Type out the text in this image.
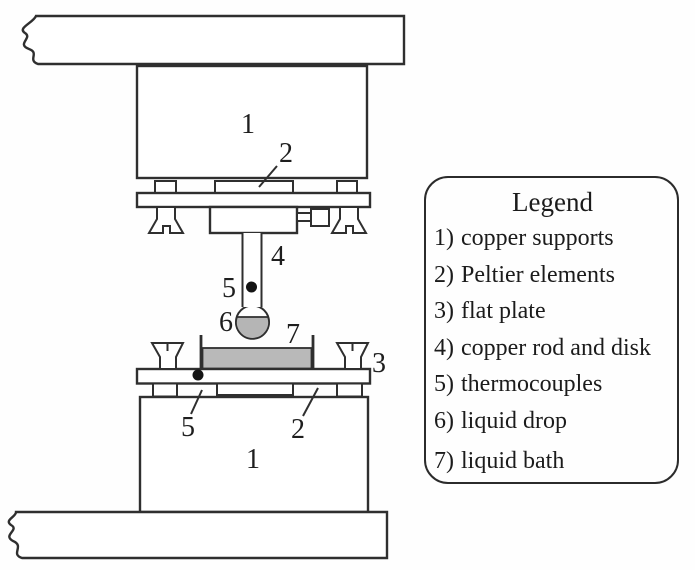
1
2
4
5
6 7
3
5	2
1
Legend
1) copper supports
2) Peltier elements
3) flat plate
4) copper rod and disk
5) thermocouples
6) liquid drop
7) liquid bath
